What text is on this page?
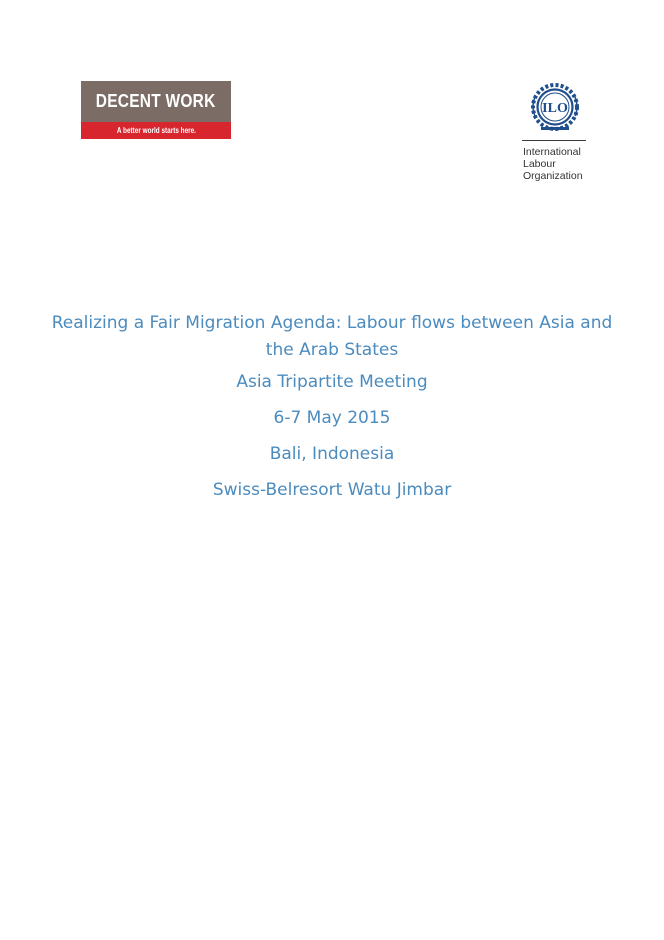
DECENT WORK
A better world starts here.
ILO
International
Labour
Organization
Realizing a Fair Migration Agenda: Labour flows between Asia and the Arab States
Asia Tripartite Meeting
6-7 May 2015
Bali, Indonesia
Swiss-Belresort Watu Jimbar
